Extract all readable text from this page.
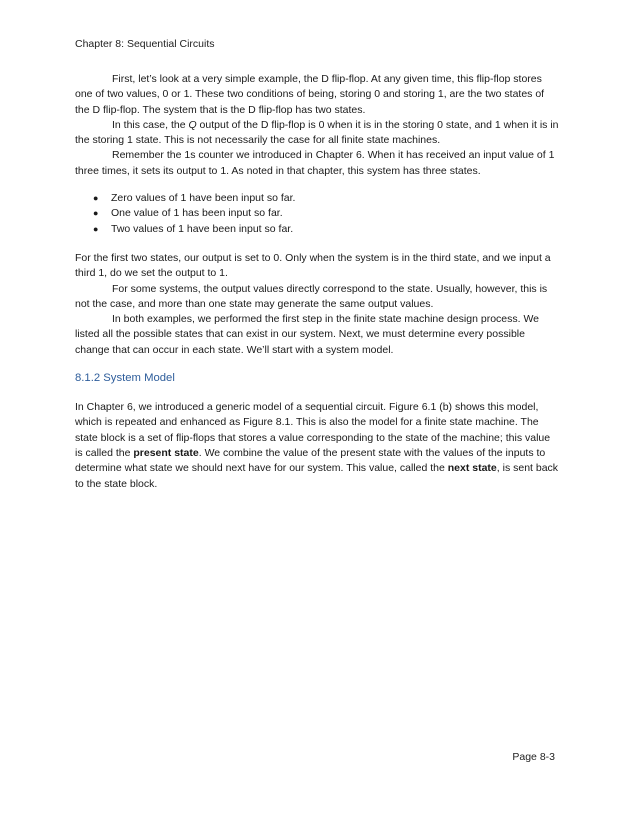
Chapter 8: Sequential Circuits

First, let’s look at a very simple example, the D flip-flop. At any given time, this flip-flop stores one of two values, 0 or 1. These two conditions of being, storing 0 and storing 1, are the two states of the D flip-flop. The system that is the D flip-flop has two states.

In this case, the Q output of the D flip-flop is 0 when it is in the storing 0 state, and 1 when it is in the storing 1 state. This is not necessarily the case for all finite state machines.

Remember the 1s counter we introduced in Chapter 6. When it has received an input value of 1 three times, it sets its output to 1. As noted in that chapter, this system has three states.

● Zero values of 1 have been input so far.
● One value of 1 has been input so far.
● Two values of 1 have been input so far.

For the first two states, our output is set to 0. Only when the system is in the third state, and we input a third 1, do we set the output to 1.

For some systems, the output values directly correspond to the state. Usually, however, this is not the case, and more than one state may generate the same output values.

In both examples, we performed the first step in the finite state machine design process. We listed all the possible states that can exist in our system. Next, we must determine every possible change that can occur in each state. We’ll start with a system model.

8.1.2 System Model

In Chapter 6, we introduced a generic model of a sequential circuit. Figure 6.1 (b) shows this model, which is repeated and enhanced as Figure 8.1. This is also the model for a finite state machine. The state block is a set of flip-flops that stores a value corresponding to the state of the machine; this value is called the present state. We combine the value of the present state with the values of the inputs to determine what state we should next have for our system. This value, called the next state, is sent back to the state block.

Page 8-3
